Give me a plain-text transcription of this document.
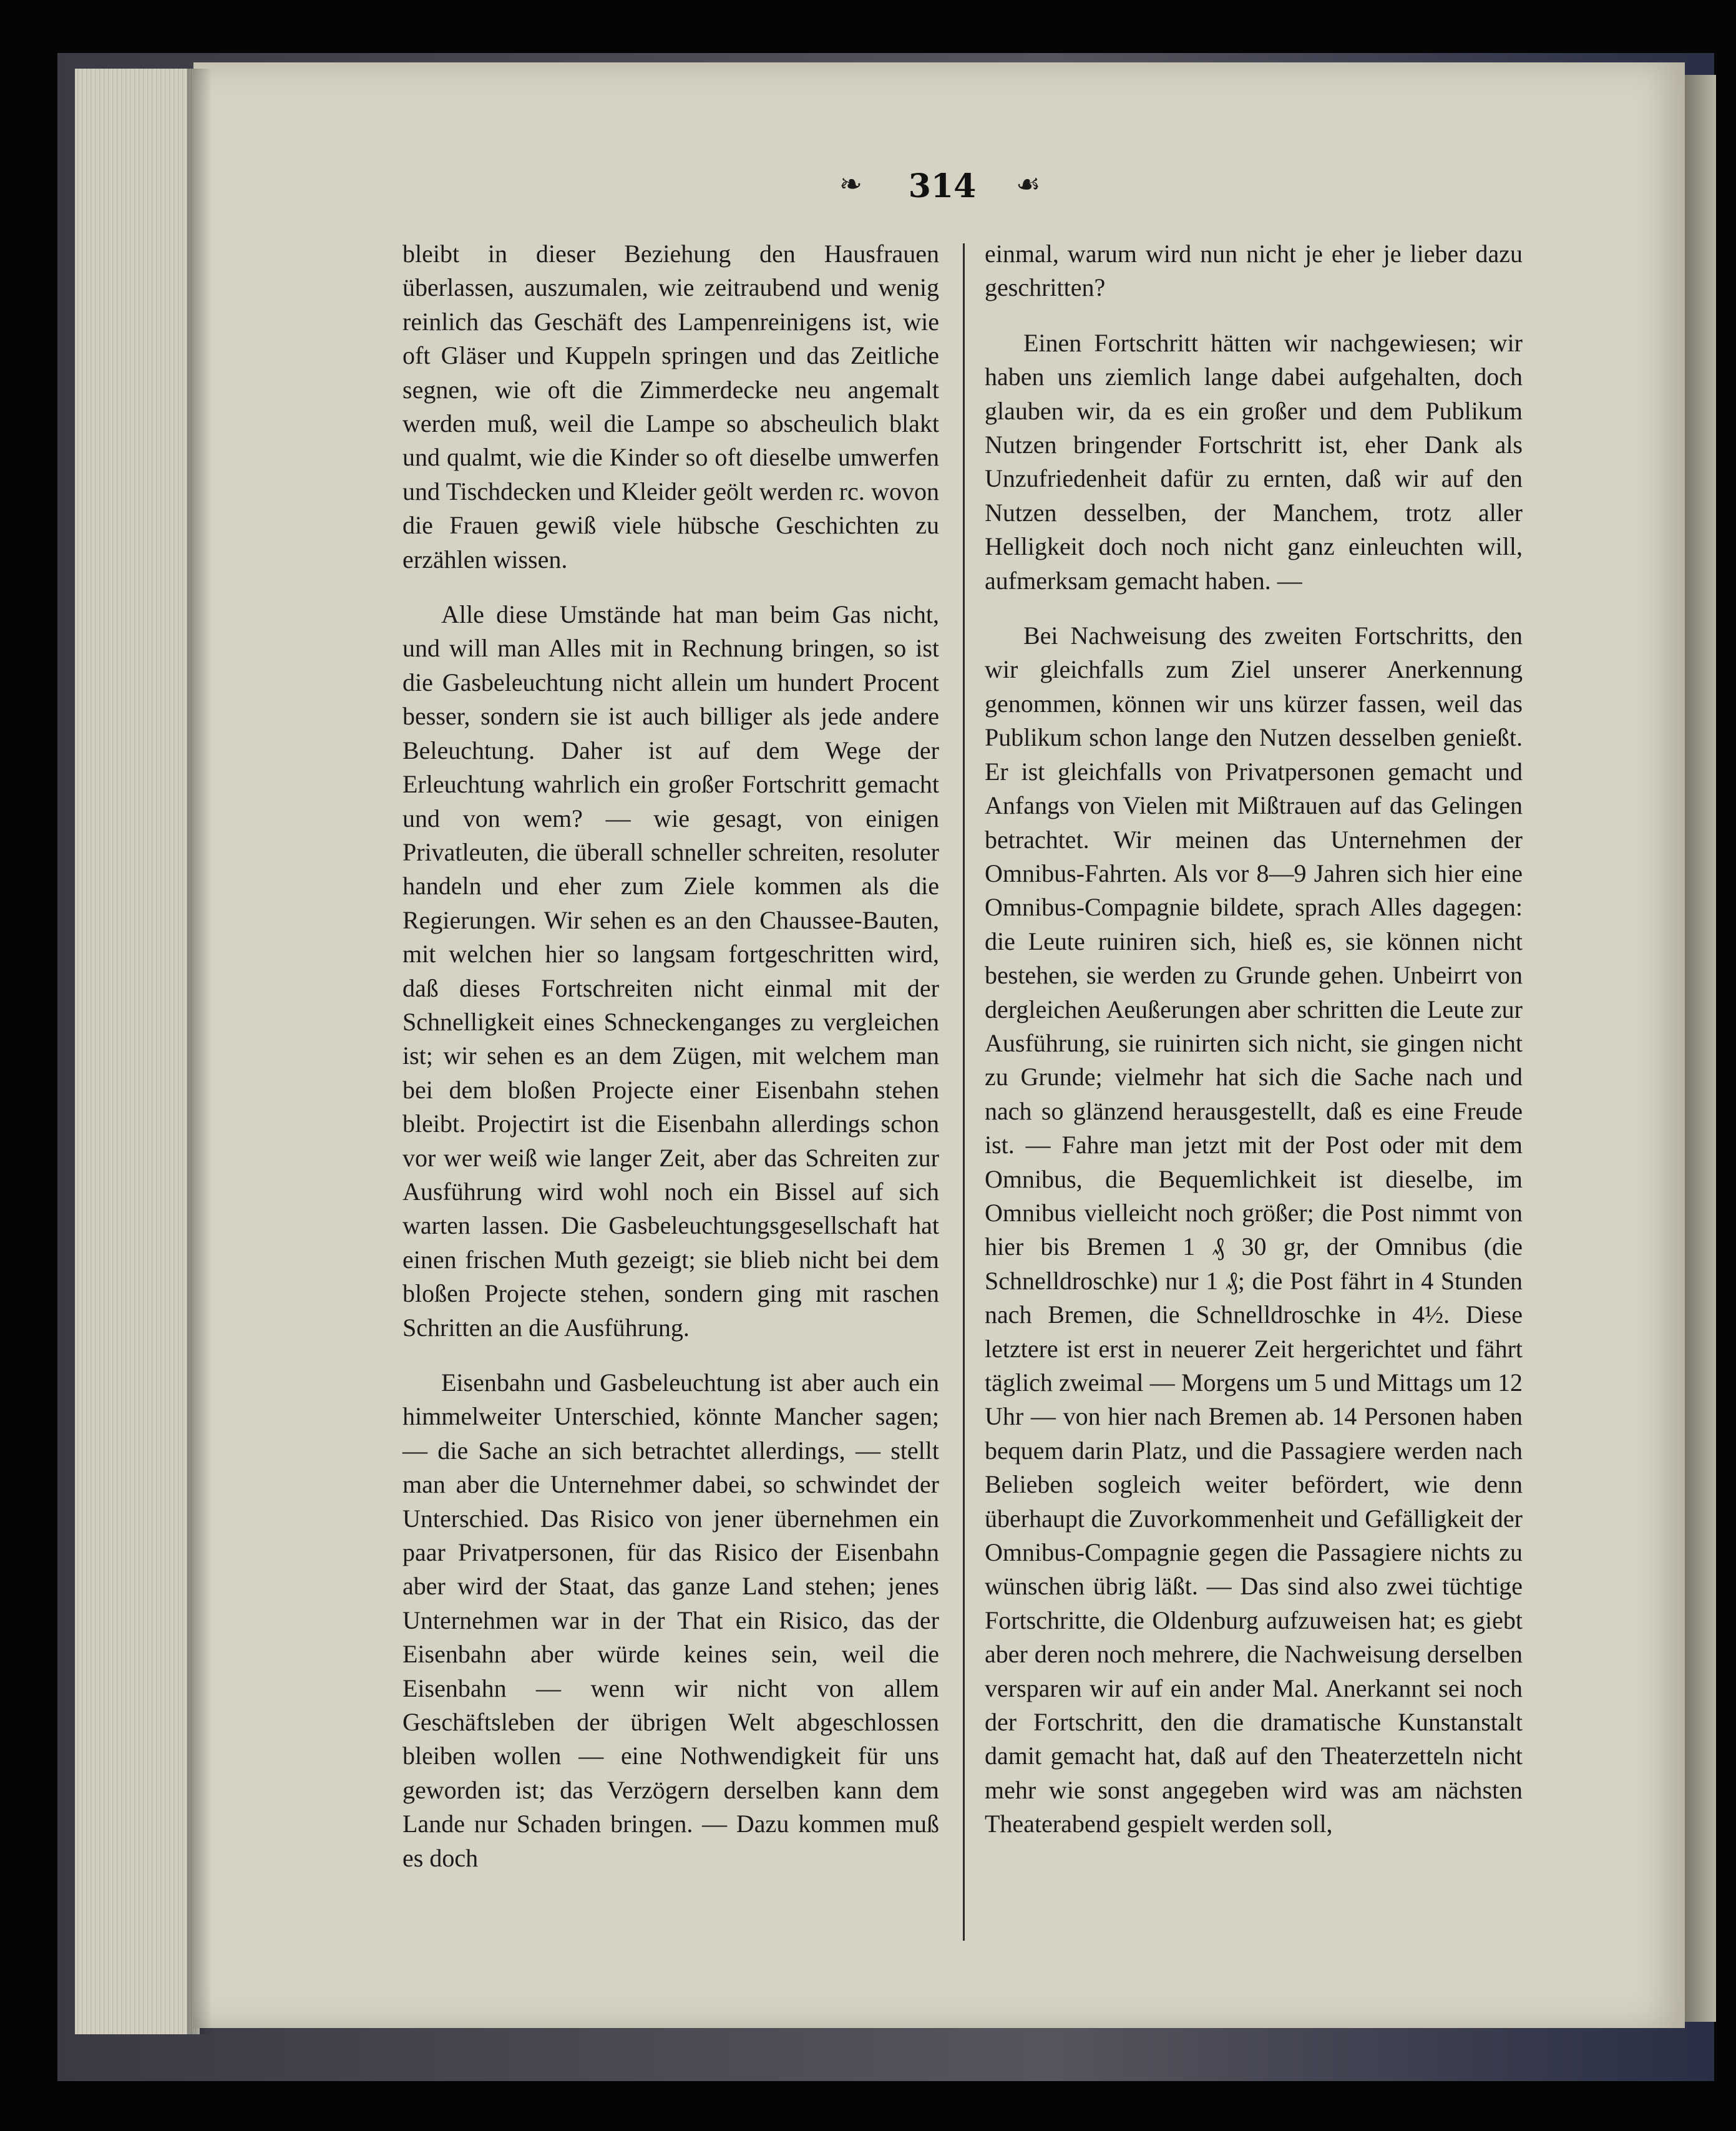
❧	314	☙

bleibt in dieser Beziehung den Hausfrauen überlassen, auszumalen, wie zeitraubend und wenig reinlich das Geschäft des Lampenreinigens ist, wie oft Gläser und Kuppeln springen und das Zeitliche segnen, wie oft die Zimmerdecke neu angemalt werden muß, weil die Lampe so abscheulich blakt und qualmt, wie die Kinder so oft dieselbe umwerfen und Tischdecken und Kleider geölt werden rc. wovon die Frauen gewiß viele hübsche Geschichten zu erzählen wissen.

Alle diese Umstände hat man beim Gas nicht, und will man Alles mit in Rechnung bringen, so ist die Gasbeleuchtung nicht allein um hundert Procent besser, sondern sie ist auch billiger als jede andere Beleuchtung. Daher ist auf dem Wege der Erleuchtung wahrlich ein großer Fortschritt gemacht und von wem? — wie gesagt, von einigen Privatleuten, die überall schneller schreiten, resoluter handeln und eher zum Ziele kommen als die Regierungen. Wir sehen es an den Chaussee-Bauten, mit welchen hier so langsam fortgeschritten wird, daß dieses Fortschreiten nicht einmal mit der Schnelligkeit eines Schneckenganges zu vergleichen ist; wir sehen es an dem Zügen, mit welchem man bei dem bloßen Projecte einer Eisenbahn stehen bleibt. Projectirt ist die Eisenbahn allerdings schon vor wer weiß wie langer Zeit, aber das Schreiten zur Ausführung wird wohl noch ein Bissel auf sich warten lassen. Die Gasbeleuchtungsgesellschaft hat einen frischen Muth gezeigt; sie blieb nicht bei dem bloßen Projecte stehen, sondern ging mit raschen Schritten an die Ausführung.

Eisenbahn und Gasbeleuchtung ist aber auch ein himmelweiter Unterschied, könnte Mancher sagen; — die Sache an sich betrachtet allerdings, — stellt man aber die Unternehmer dabei, so schwindet der Unterschied. Das Risico von jener übernehmen ein paar Privatpersonen, für das Risico der Eisenbahn aber wird der Staat, das ganze Land stehen; jenes Unternehmen war in der That ein Risico, das der Eisenbahn aber würde keines sein, weil die Eisenbahn — wenn wir nicht von allem Geschäftsleben der übrigen Welt abgeschlossen bleiben wollen — eine Nothwendigkeit für uns geworden ist; das Verzögern derselben kann dem Lande nur Schaden bringen. — Dazu kommen muß es doch

einmal, warum wird nun nicht je eher je lieber dazu geschritten?

Einen Fortschritt hätten wir nachgewiesen; wir haben uns ziemlich lange dabei aufgehalten, doch glauben wir, da es ein großer und dem Publikum Nutzen bringender Fortschritt ist, eher Dank als Unzufriedenheit dafür zu ernten, daß wir auf den Nutzen desselben, der Manchem, trotz aller Helligkeit doch noch nicht ganz einleuchten will, aufmerksam gemacht haben. —

Bei Nachweisung des zweiten Fortschritts, den wir gleichfalls zum Ziel unserer Anerkennung genommen, können wir uns kürzer fassen, weil das Publikum schon lange den Nutzen desselben genießt. Er ist gleichfalls von Privatpersonen gemacht und Anfangs von Vielen mit Mißtrauen auf das Gelingen betrachtet. Wir meinen das Unternehmen der Omnibus-Fahrten. Als vor 8—9 Jahren sich hier eine Omnibus-Compagnie bildete, sprach Alles dagegen: die Leute ruiniren sich, hieß es, sie können nicht bestehen, sie werden zu Grunde gehen. Unbeirrt von dergleichen Aeußerungen aber schritten die Leute zur Ausführung, sie ruinirten sich nicht, sie gingen nicht zu Grunde; vielmehr hat sich die Sache nach und nach so glänzend herausgestellt, daß es eine Freude ist. — Fahre man jetzt mit der Post oder mit dem Omnibus, die Bequemlichkeit ist dieselbe, im Omnibus vielleicht noch größer; die Post nimmt von hier bis Bremen 1 ₰ 30 gr, der Omnibus (die Schnelldroschke) nur 1 ₰; die Post fährt in 4 Stunden nach Bremen, die Schnelldroschke in 4½. Diese letztere ist erst in neuerer Zeit hergerichtet und fährt täglich zweimal — Morgens um 5 und Mittags um 12 Uhr — von hier nach Bremen ab. 14 Personen haben bequem darin Platz, und die Passagiere werden nach Belieben sogleich weiter befördert, wie denn überhaupt die Zuvorkommenheit und Gefälligkeit der Omnibus-Compagnie gegen die Passagiere nichts zu wünschen übrig läßt. — Das sind also zwei tüchtige Fortschritte, die Oldenburg aufzuweisen hat; es giebt aber deren noch mehrere, die Nachweisung derselben versparen wir auf ein ander Mal. Anerkannt sei noch der Fortschritt, den die dramatische Kunstanstalt damit gemacht hat, daß auf den Theaterzetteln nicht mehr wie sonst angegeben wird was am nächsten Theaterabend gespielt werden soll,
